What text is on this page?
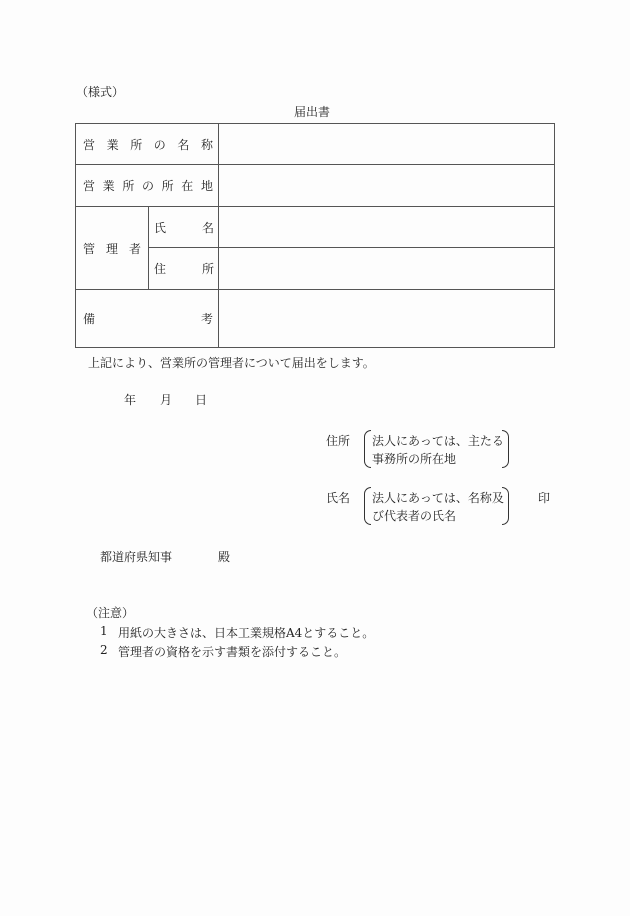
（様式）
届出書
営 業 所 の 名 称
営 業 所 の 所 在 地
管 理 者
氏	名
住	所
備	考
上記により、営業所の管理者について届出をします。
年 月 日
住所 法人にあっては、主たる
事務所の所在地
氏名 法人にあっては、名称及
び代表者の氏名
印
都道府県知事	殿
（注意）
1 用紙の大きさは、日本工業規格A4とすること。
2 管理者の資格を示す書類を添付すること。
